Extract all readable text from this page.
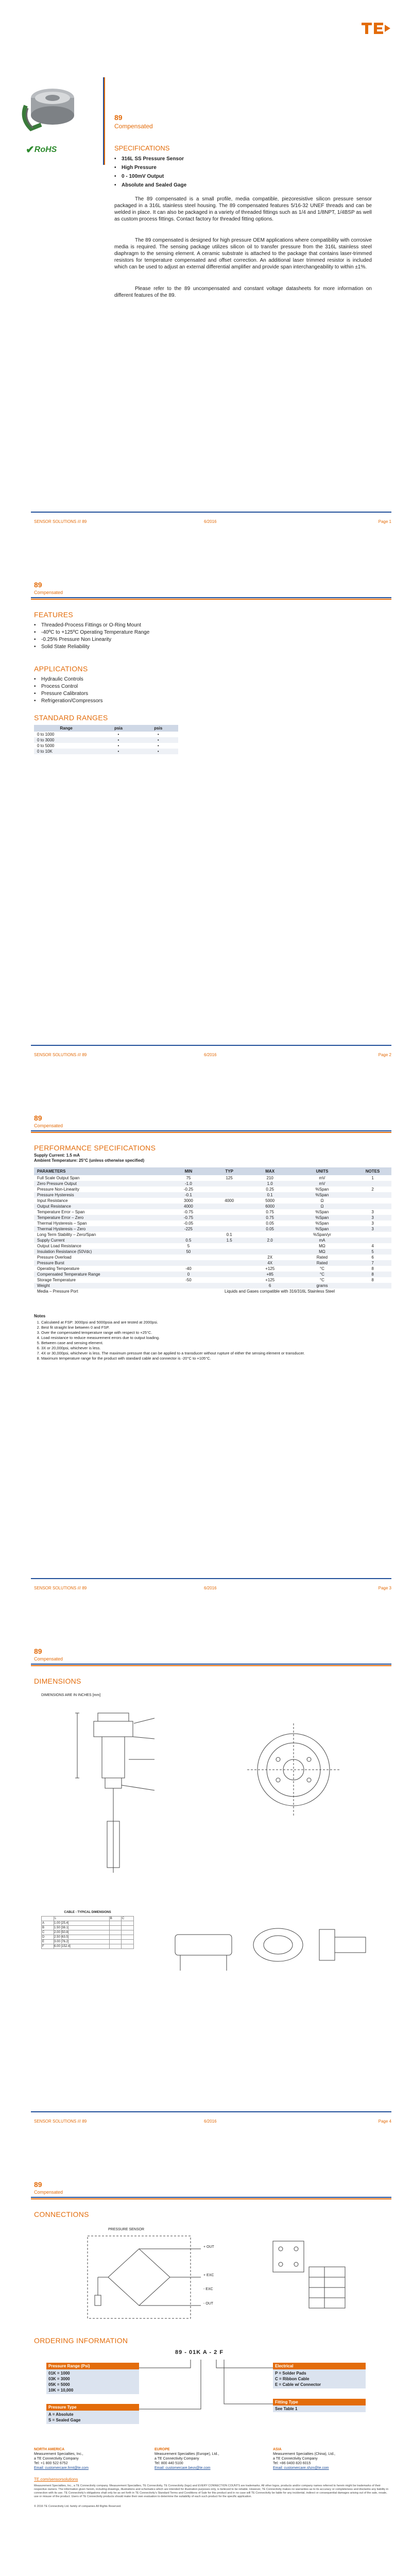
✔ RoHS
89
Compensated
SPECIFICATIONS
• 316L SS Pressure Sensor
• High Pressure
• 0 - 100mV Output
• Absolute and Sealed Gage

The 89 compensated is a small profile, media compatible, piezoresistive silicon pressure sensor packaged in a 316L stainless steel housing. The 89 compensated features 5/16-32 UNEF threads and can be welded in place. It can also be packaged in a variety of threaded fittings such as 1/4 and 1/8NPT, 1/4BSP as well as custom process fittings. Contact factory for threaded fitting options.

The 89 compensated is designed for high pressure OEM applications where compatibility with corrosive media is required. The sensing package utilizes silicon oil to transfer pressure from the 316L stainless steel diaphragm to the sensing element. A ceramic substrate is attached to the package that contains laser-trimmed resistors for temperature compensated and offset correction. An additional laser trimmed resistor is included which can be used to adjust an external differential amplifier and provide span interchangeability to within ±1%.

Please refer to the 89 uncompensated and constant voltage datasheets for more information on different features of the 89.

SENSOR SOLUTIONS /// 89	6/2016	Page 1
89
Compensated
FEATURES
• Threaded-Process Fittings or O-Ring Mount
• -40ºC to +125ºC Operating Temperature Range
• -0.25% Pressure Non Linearity
• Solid State Reliability
APPLICATIONS
• Hydraulic Controls
• Process Control
• Pressure Calibrators
• Refrigeration/Compressors
STANDARD RANGES
Range	psia	psis
0 to 1000	•	•
0 to 3000	•	•
0 to 5000	•	•
0 to 10K	•	•
SENSOR SOLUTIONS /// 89	6/2016	Page 2
89
Compensated
PERFORMANCE SPECIFICATIONS
Supply Current: 1.5 mA
Ambient Temperature: 25°C (unless otherwise specified)
PARAMETERS	MIN	TYP	MAX	UNITS	NOTES
Full Scale Output Span	75	125	210	mV	1
Zero Pressure Output	-1.0		1.0	mV	
Pressure Non-Linearity	-0.25		0.25	%Span	2
Pressure Hysteresis	-0.1		0.1	%Span	
Input Resistance	3000	4000	5000	Ω	
Output Resistance	4000		6000	Ω	
Temperature Error – Span	-0.75		0.75	%Span	3
Temperature Error – Zero	-0.75		0.75	%Span	3
Thermal Hysteresis – Span	-0.05		0.05	%Span	3
Thermal Hysteresis – Zero	-225		0.05	%Span	3
Long Term Stability – Zero/Span		0.1		%Span/yr	
Supply Current	0.5	1.5	2.0	mA	
Output Load Resistance	5			MΩ	4
Insulation Resistance (50Vdc)	50			MΩ	5
Pressure Overload			2X	Rated	6
Pressure Burst			4X	Rated	7
Operating Temperature	-40		+125	°C	8
Compensated Temperature Range	0		+85	°C	8
Storage Temperature	-50		+125	°C	8
Weight			6	grams	
Media – Pressure Port	Liquids and Gases compatible with 316/316L Stainless Steel				
Notes
1. Calculated at FSP: 3000psi and 5000psia and are tested at 2000psi.
2. Best fit straight line between 0 and FSP.
3. Over the compensated temperature range with respect to +25°C.
4. Load resistance to reduce measurement errors due to output loading.
5. Between case and sensing element.
6. 3X or 20,000psi, whichever is less.
7. 4X or 30,000psi, whichever is less. The maximum pressure that can be applied to a transducer without rupture of either the sensing element or transducer.
8. Maximum temperature range for the product with standard cable and connector is -20°C to +105°C.
SENSOR SOLUTIONS /// 89	6/2016	Page 3
89
Compensated
DIMENSIONS
DIMENSIONS ARE IN INCHES [mm]
CABLE - TYPICAL DIMENSIONS
	L	B	C
A	1.00 [25.4]		
B	1.50 [38.1]		
C	2.00 [50.8]		
D	2.50 [63.5]		
E	3.00 [76.2]		
F	6.00 [152.4]		
SENSOR SOLUTIONS /// 89	6/2016	Page 4
89
Compensated
CONNECTIONS
PRESSURE SENSOR
+ OUT
+ EXC
- OUT
- EXC
ORDERING INFORMATION
89 - 01K A - 2 F
Pressure Range (Psi)
01K = 1000
03K = 3000
05K = 5000
10K = 10,000
Pressure Type
A = Absolute
S = Sealed Gage
Electrical
P = Solder Pads
C = Ribbon Cable
E = Cable w/ Connector
Fitting Type
See Table 1
NORTH AMERICA
Measurement Specialties, Inc.,
a TE Connectivity Company
Tel: +1 800 522 6752
Email: customercare.frmt@te.com
EUROPE
Measurement Specialties (Europe), Ltd.,
a TE Connectivity Company
Tel: 800 440 5100
Email: customercare.bevx@te.com
ASIA
Measurement Specialties (China), Ltd.,
a TE Connectivity Company
Tel: +86 0400 820 6015
Email: customercare.shzn@te.com
TE.com/sensorsolutions

Measurement Specialties, Inc., a TE Connectivity company. Measurement Specialties, TE Connectivity, TE Connectivity (logo) and EVERY CONNECTION COUNTS are trademarks. All other logos, products and/or company names referred to herein might be trademarks of their respective owners. The information given herein, including drawings, illustrations and schematics which are intended for illustration purposes only, is believed to be reliable. However, TE Connectivity makes no warranties as to its accuracy or completeness and disclaims any liability in connection with its use. TE Connectivity's obligations shall only be as set forth in TE Connectivity's Standard Terms and Conditions of Sale for this product and in no case will TE Connectivity be liable for any incidental, indirect or consequential damages arising out of the sale, resale, use or misuse of the product. Users of TE Connectivity products should make their own evaluation to determine the suitability of each such product for the specific application.

© 2016 TE Connectivity Ltd. family of companies All Rights Reserved.
